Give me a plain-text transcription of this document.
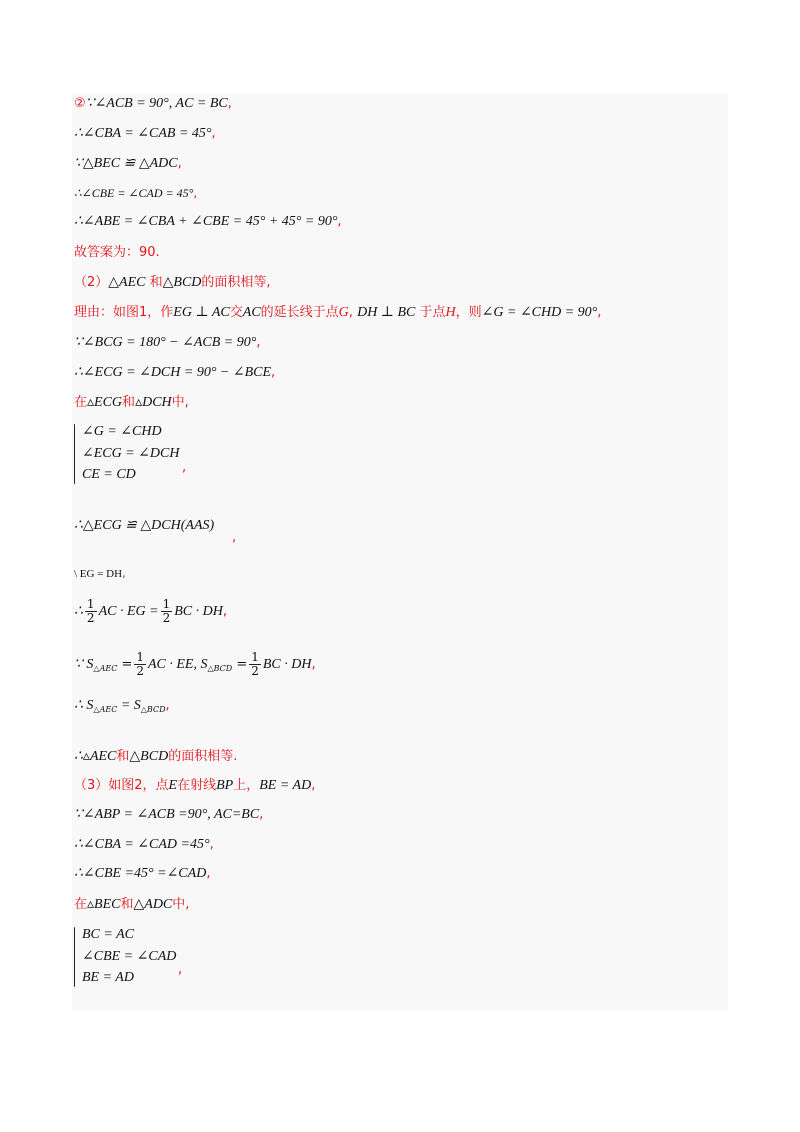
②∵∠ACB = 90°, AC = BC,
∴∠CBA = ∠CAB = 45°,
∵△BEC ≌ △ADC,
∴∠CBE = ∠CAD = 45°,
∴∠ABE = ∠CBA + ∠CBE = 45° + 45° = 90°,
故答案为：90.
（2）△AEC 和△BCD的面积相等,
理由：如图1，作EG ⊥ AC交AC的延长线于点G, DH ⊥ BC 于点H，则∠G = ∠CHD = 90°,
∵∠BCG = 180° − ∠ACB = 90°,
∴∠ECG = ∠DCH = 90° − ∠BCE,
在▵ECG和▵DCH中,
∠G = ∠CHD
∠ECG = ∠DCH
CE = CD	,
∴△ECG ≌ △DCH(AAS)
,
\ EG = DH,
∴ $\frac{1}{2}$ AC · EG = $\frac{1}{2}$ BC · DH,
∵ $S_{\triangle AEC} = \frac{1}{2}$ AC · EE, $S_{\triangle BCD} = \frac{1}{2}$ BC · DH,
∴ $S_{\triangle AEC} = S_{\triangle BCD}$,
∴▵AEC和△BCD的面积相等.
（3）如图2，点E在射线BP上，BE = AD,
∵∠ABP = ∠ACB =90°, AC=BC,
∴∠CBA = ∠CAD =45°,
∴∠CBE =45° =∠CAD,
在▵BEC和△ADC中,
BC = AC
∠CBE = ∠CAD
BE = AD
,
